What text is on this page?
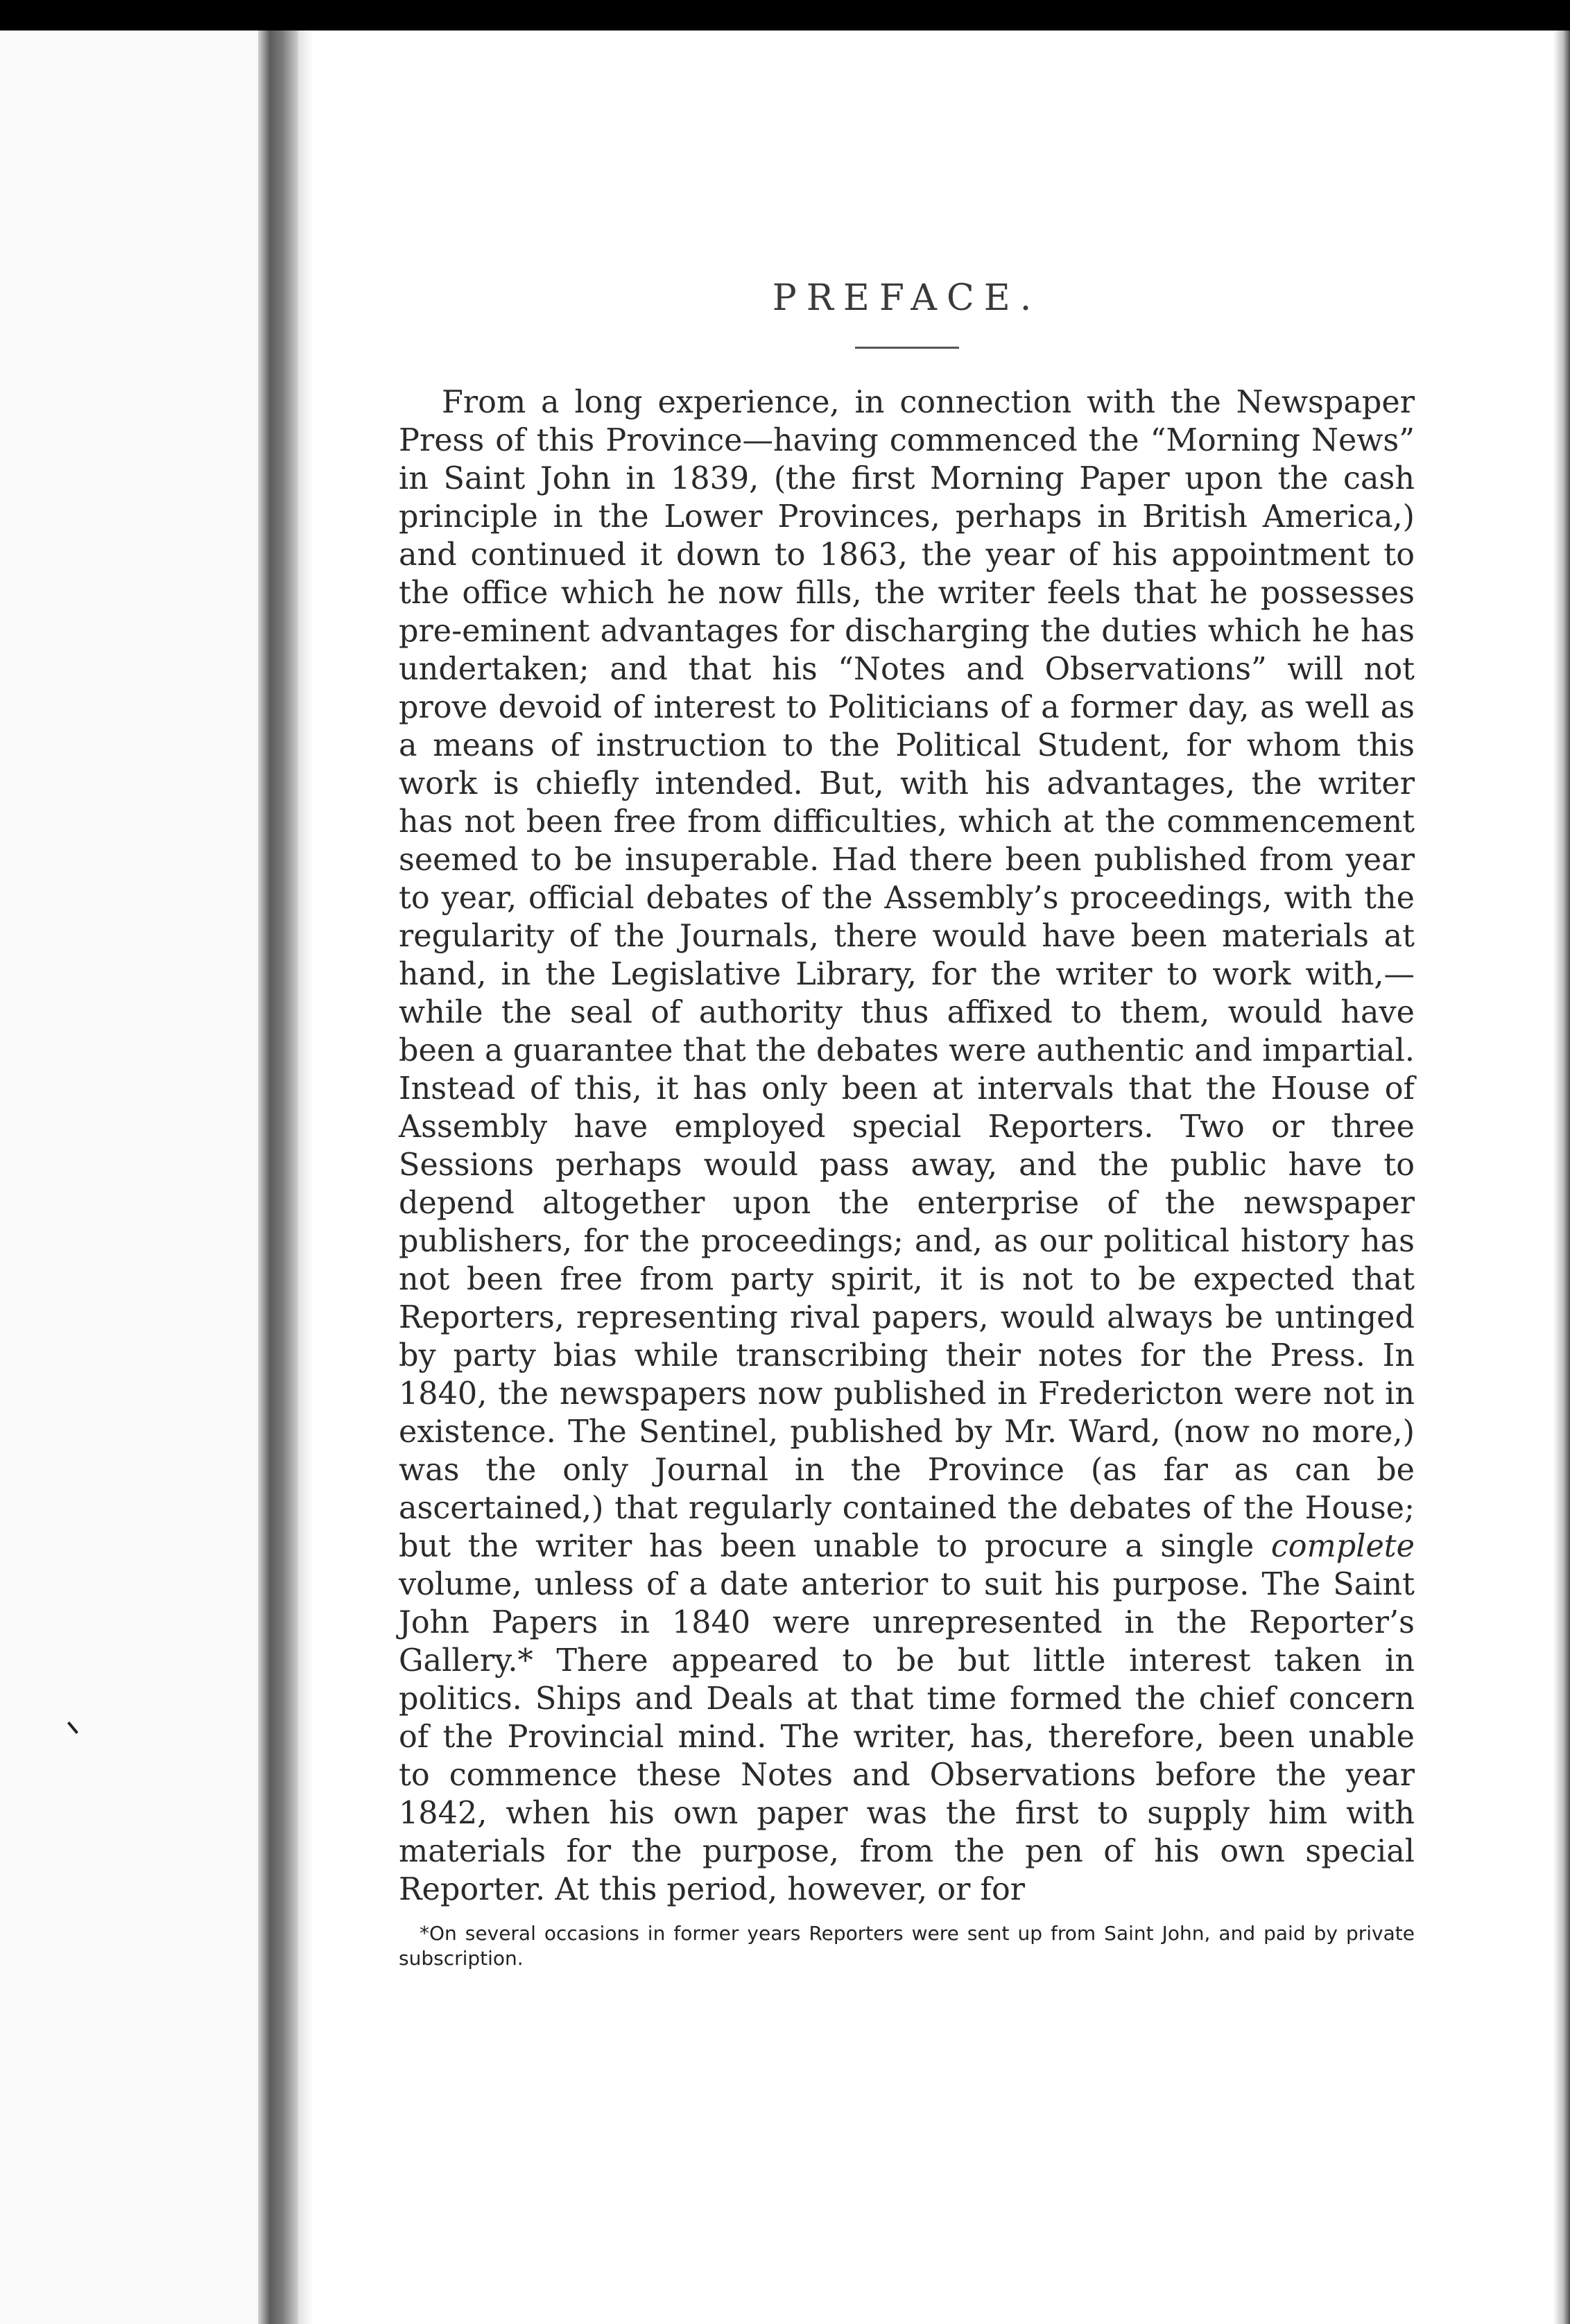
PREFACE.

From a long experience, in connection with the Newspaper Press of this Province—having commenced the “Morning News” in Saint John in 1839, (the first Morning Paper upon the cash principle in the Lower Provinces, perhaps in British America,) and continued it down to 1863, the year of his appointment to the office which he now fills, the writer feels that he possesses pre-eminent advantages for discharging the duties which he has undertaken; and that his “Notes and Observations” will not prove devoid of interest to Politicians of a former day, as well as a means of instruction to the Political Student, for whom this work is chiefly intended. But, with his advantages, the writer has not been free from difficulties, which at the commencement seemed to be insuperable. Had there been published from year to year, official debates of the Assembly’s proceedings, with the regularity of the Journals, there would have been materials at hand, in the Legislative Library, for the writer to work with,—while the seal of authority thus affixed to them, would have been a guarantee that the debates were authentic and impartial. Instead of this, it has only been at intervals that the House of Assembly have employed special Reporters. Two or three Sessions perhaps would pass away, and the public have to depend altogether upon the enterprise of the newspaper publishers, for the proceedings; and, as our political history has not been free from party spirit, it is not to be expected that Reporters, representing rival papers, would always be untinged by party bias while transcribing their notes for the Press. In 1840, the newspapers now published in Fredericton were not in existence. The Sentinel, published by Mr. Ward, (now no more,) was the only Journal in the Province (as far as can be ascertained,) that regularly contained the debates of the House; but the writer has been unable to procure a single complete volume, unless of a date anterior to suit his purpose. The Saint John Papers in 1840 were unrepresented in the Reporter’s Gallery.* There appeared to be but little interest taken in politics. Ships and Deals at that time formed the chief concern of the Provincial mind. The writer, has, therefore, been unable to commence these Notes and Observations before the year 1842, when his own paper was the first to supply him with materials for the purpose, from the pen of his own special Reporter. At this period, however, or for

*On several occasions in former years Reporters were sent up from Saint John, and paid by private subscription.
